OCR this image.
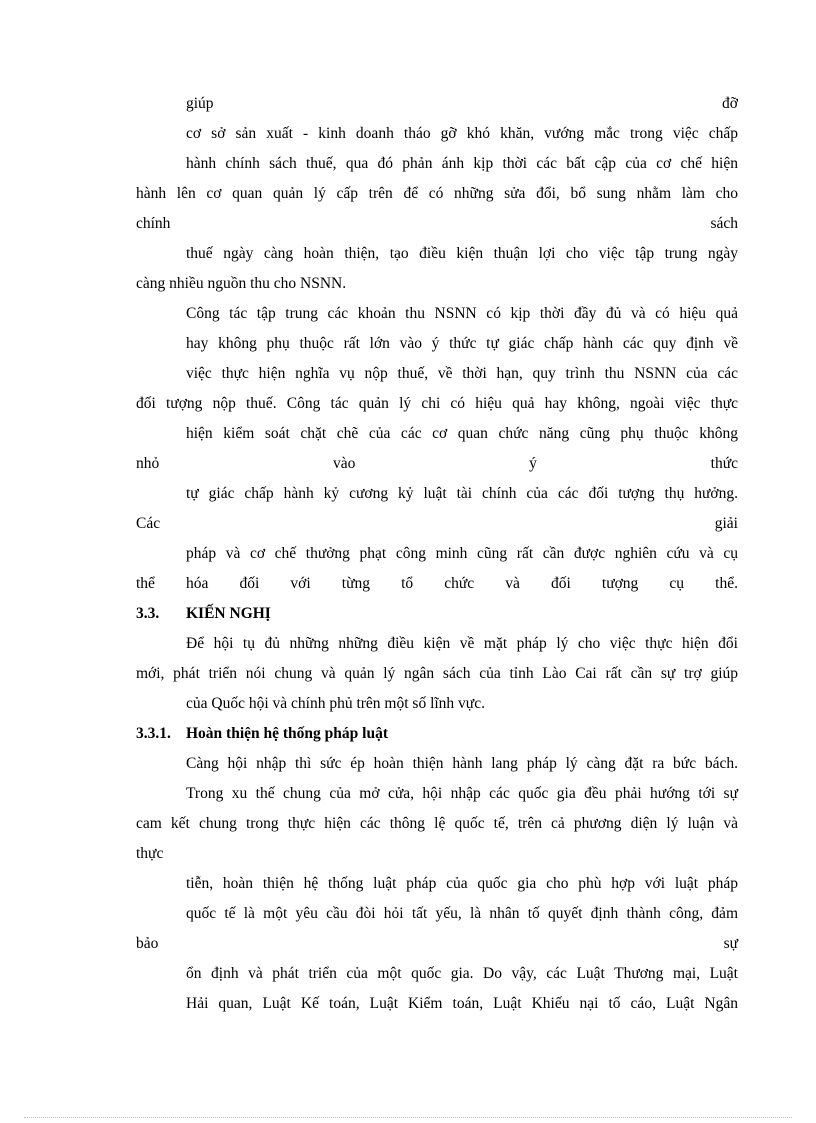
giúp	đỡ
cơ sở sản xuất - kinh doanh tháo gỡ khó khăn, vướng mắc trong việc chấp
hành chính sách thuế, qua đó phản ánh kịp thời các bất cập của cơ chế hiện
hành lên cơ quan quản lý cấp trên để có những sửa đổi, bổ sung nhằm làm cho
chính	sách
thuế ngày càng hoàn thiện, tạo điều kiện thuận lợi cho việc tập trung ngày
càng nhiều nguồn thu cho NSNN.
Công tác tập trung các khoản thu NSNN có kịp thời đầy đủ và có hiệu quả
hay không phụ thuộc rất lớn vào ý thức tự giác chấp hành các quy định về
việc thực hiện nghĩa vụ nộp thuế, về thời hạn, quy trình thu NSNN của các
đối tượng nộp thuế. Công tác quản lý chi có hiệu quả hay không, ngoài việc thực
hiện kiểm soát chặt chẽ của các cơ quan chức năng cũng phụ thuộc không
nhỏ	vào	ý	thức
tự giác chấp hành kỷ cương kỷ luật tài chính của các đối tượng thụ hưởng.
Các	giải
pháp và cơ chế thưởng phạt công minh cũng rất cần được nghiên cứu và cụ
thể hóa đối với từng tổ chức và đối tượng cụ thể.
3.3. KIẾN NGHỊ
Để hội tụ đủ những những điều kiện về mặt pháp lý cho việc thực hiện đổi
mới, phát triển nói chung và quản lý ngân sách của tỉnh Lào Cai rất cần sự trợ giúp
của Quốc hội và chính phủ trên một số lĩnh vực.
3.3.1. Hoàn thiện hệ thống pháp luật
Càng hội nhập thì sức ép hoàn thiện hành lang pháp lý càng đặt ra bức bách.
Trong xu thế chung của mở cửa, hội nhập các quốc gia đều phải hướng tới sự
cam kết chung trong thực hiện các thông lệ quốc tế, trên cả phương diện lý luận và
thực
tiễn, hoàn thiện hệ thống luật pháp của quốc gia cho phù hợp với luật pháp
quốc tế là một yêu cầu đòi hỏi tất yếu, là nhân tố quyết định thành công, đảm
bảo	sự
ổn định và phát triển của một quốc gia. Do vậy, các Luật Thương mại, Luật
Hải quan, Luật Kế toán, Luật Kiểm toán, Luật Khiếu nại tố cáo, Luật Ngân
